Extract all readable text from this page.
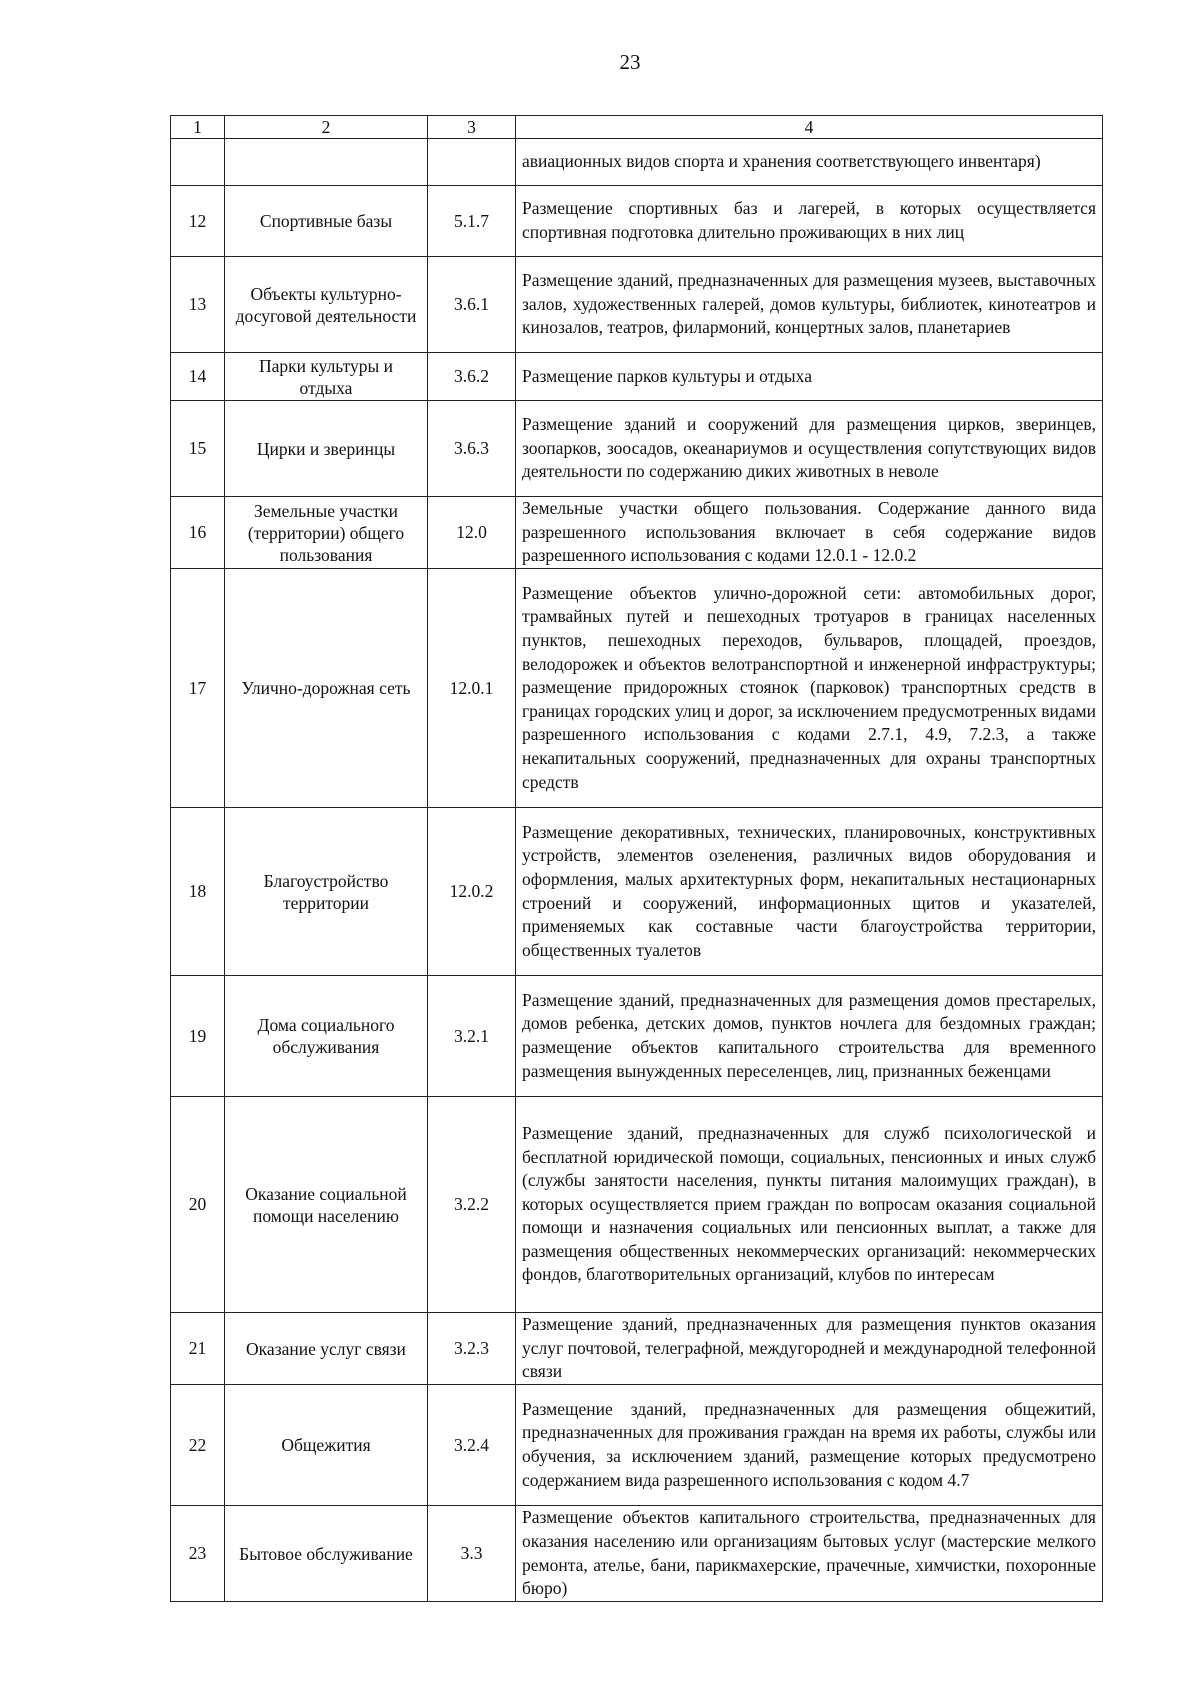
23
1	2	3	4
			авиационных видов спорта и хранения соответствующего инвентаря)
12	Спортивные базы	5.1.7	Размещение спортивных баз и лагерей, в которых осуществляется спортивная подготовка длительно проживающих в них лиц
13	Объекты культурно-досуговой деятельности	3.6.1	Размещение зданий, предназначенных для размещения музеев, выставочных залов, художественных галерей, домов культуры, библиотек, кинотеатров и кинозалов, театров, филармоний, концертных залов, планетариев
14	Парки культуры и отдыха	3.6.2	Размещение парков культуры и отдыха
15	Цирки и зверинцы	3.6.3	Размещение зданий и сооружений для размещения цирков, зверинцев, зоопарков, зоосадов, океанариумов и осуществления сопутствующих видов деятельности по содержанию диких животных в неволе
16	Земельные участки (территории) общего пользования	12.0	Земельные участки общего пользования. Содержание данного вида разрешенного использования включает в себя содержание видов разрешенного использования с кодами 12.0.1 - 12.0.2
17	Улично-дорожная сеть	12.0.1	Размещение объектов улично-дорожной сети: автомобильных дорог, трамвайных путей и пешеходных тротуаров в границах населенных пунктов, пешеходных переходов, бульваров, площадей, проездов, велодорожек и объектов велотранспортной и инженерной инфраструктуры; размещение придорожных стоянок (парковок) транспортных средств в границах городских улиц и дорог, за исключением предусмотренных видами разрешенного использования с кодами 2.7.1, 4.9, 7.2.3, а также некапитальных сооружений, предназначенных для охраны транспортных средств
18	Благоустройство территории	12.0.2	Размещение декоративных, технических, планировочных, конструктивных устройств, элементов озеленения, различных видов оборудования и оформления, малых архитектурных форм, некапитальных нестационарных строений и сооружений, информационных щитов и указателей, применяемых как составные части благоустройства территории, общественных туалетов
19	Дома социального обслуживания	3.2.1	Размещение зданий, предназначенных для размещения домов престарелых, домов ребенка, детских домов, пунктов ночлега для бездомных граждан; размещение объектов капитального строительства для временного размещения вынужденных переселенцев, лиц, признанных беженцами
20	Оказание социальной помощи населению	3.2.2	Размещение зданий, предназначенных для служб психологической и бесплатной юридической помощи, социальных, пенсионных и иных служб (службы занятости населения, пункты питания малоимущих граждан), в которых осуществляется прием граждан по вопросам оказания социальной помощи и назначения социальных или пенсионных выплат, а также для размещения общественных некоммерческих организаций: некоммерческих фондов, благотворительных организаций, клубов по интересам
21	Оказание услуг связи	3.2.3	Размещение зданий, предназначенных для размещения пунктов оказания услуг почтовой, телеграфной, междугородней и международной телефонной связи
22	Общежития	3.2.4	Размещение зданий, предназначенных для размещения общежитий, предназначенных для проживания граждан на время их работы, службы или обучения, за исключением зданий, размещение которых предусмотрено содержанием вида разрешенного использования с кодом 4.7
23	Бытовое обслуживание	3.3	Размещение объектов капитального строительства, предназначенных для оказания населению или организациям бытовых услуг (мастерские мелкого ремонта, ателье, бани, парикмахерские, прачечные, химчистки, похоронные бюро)
